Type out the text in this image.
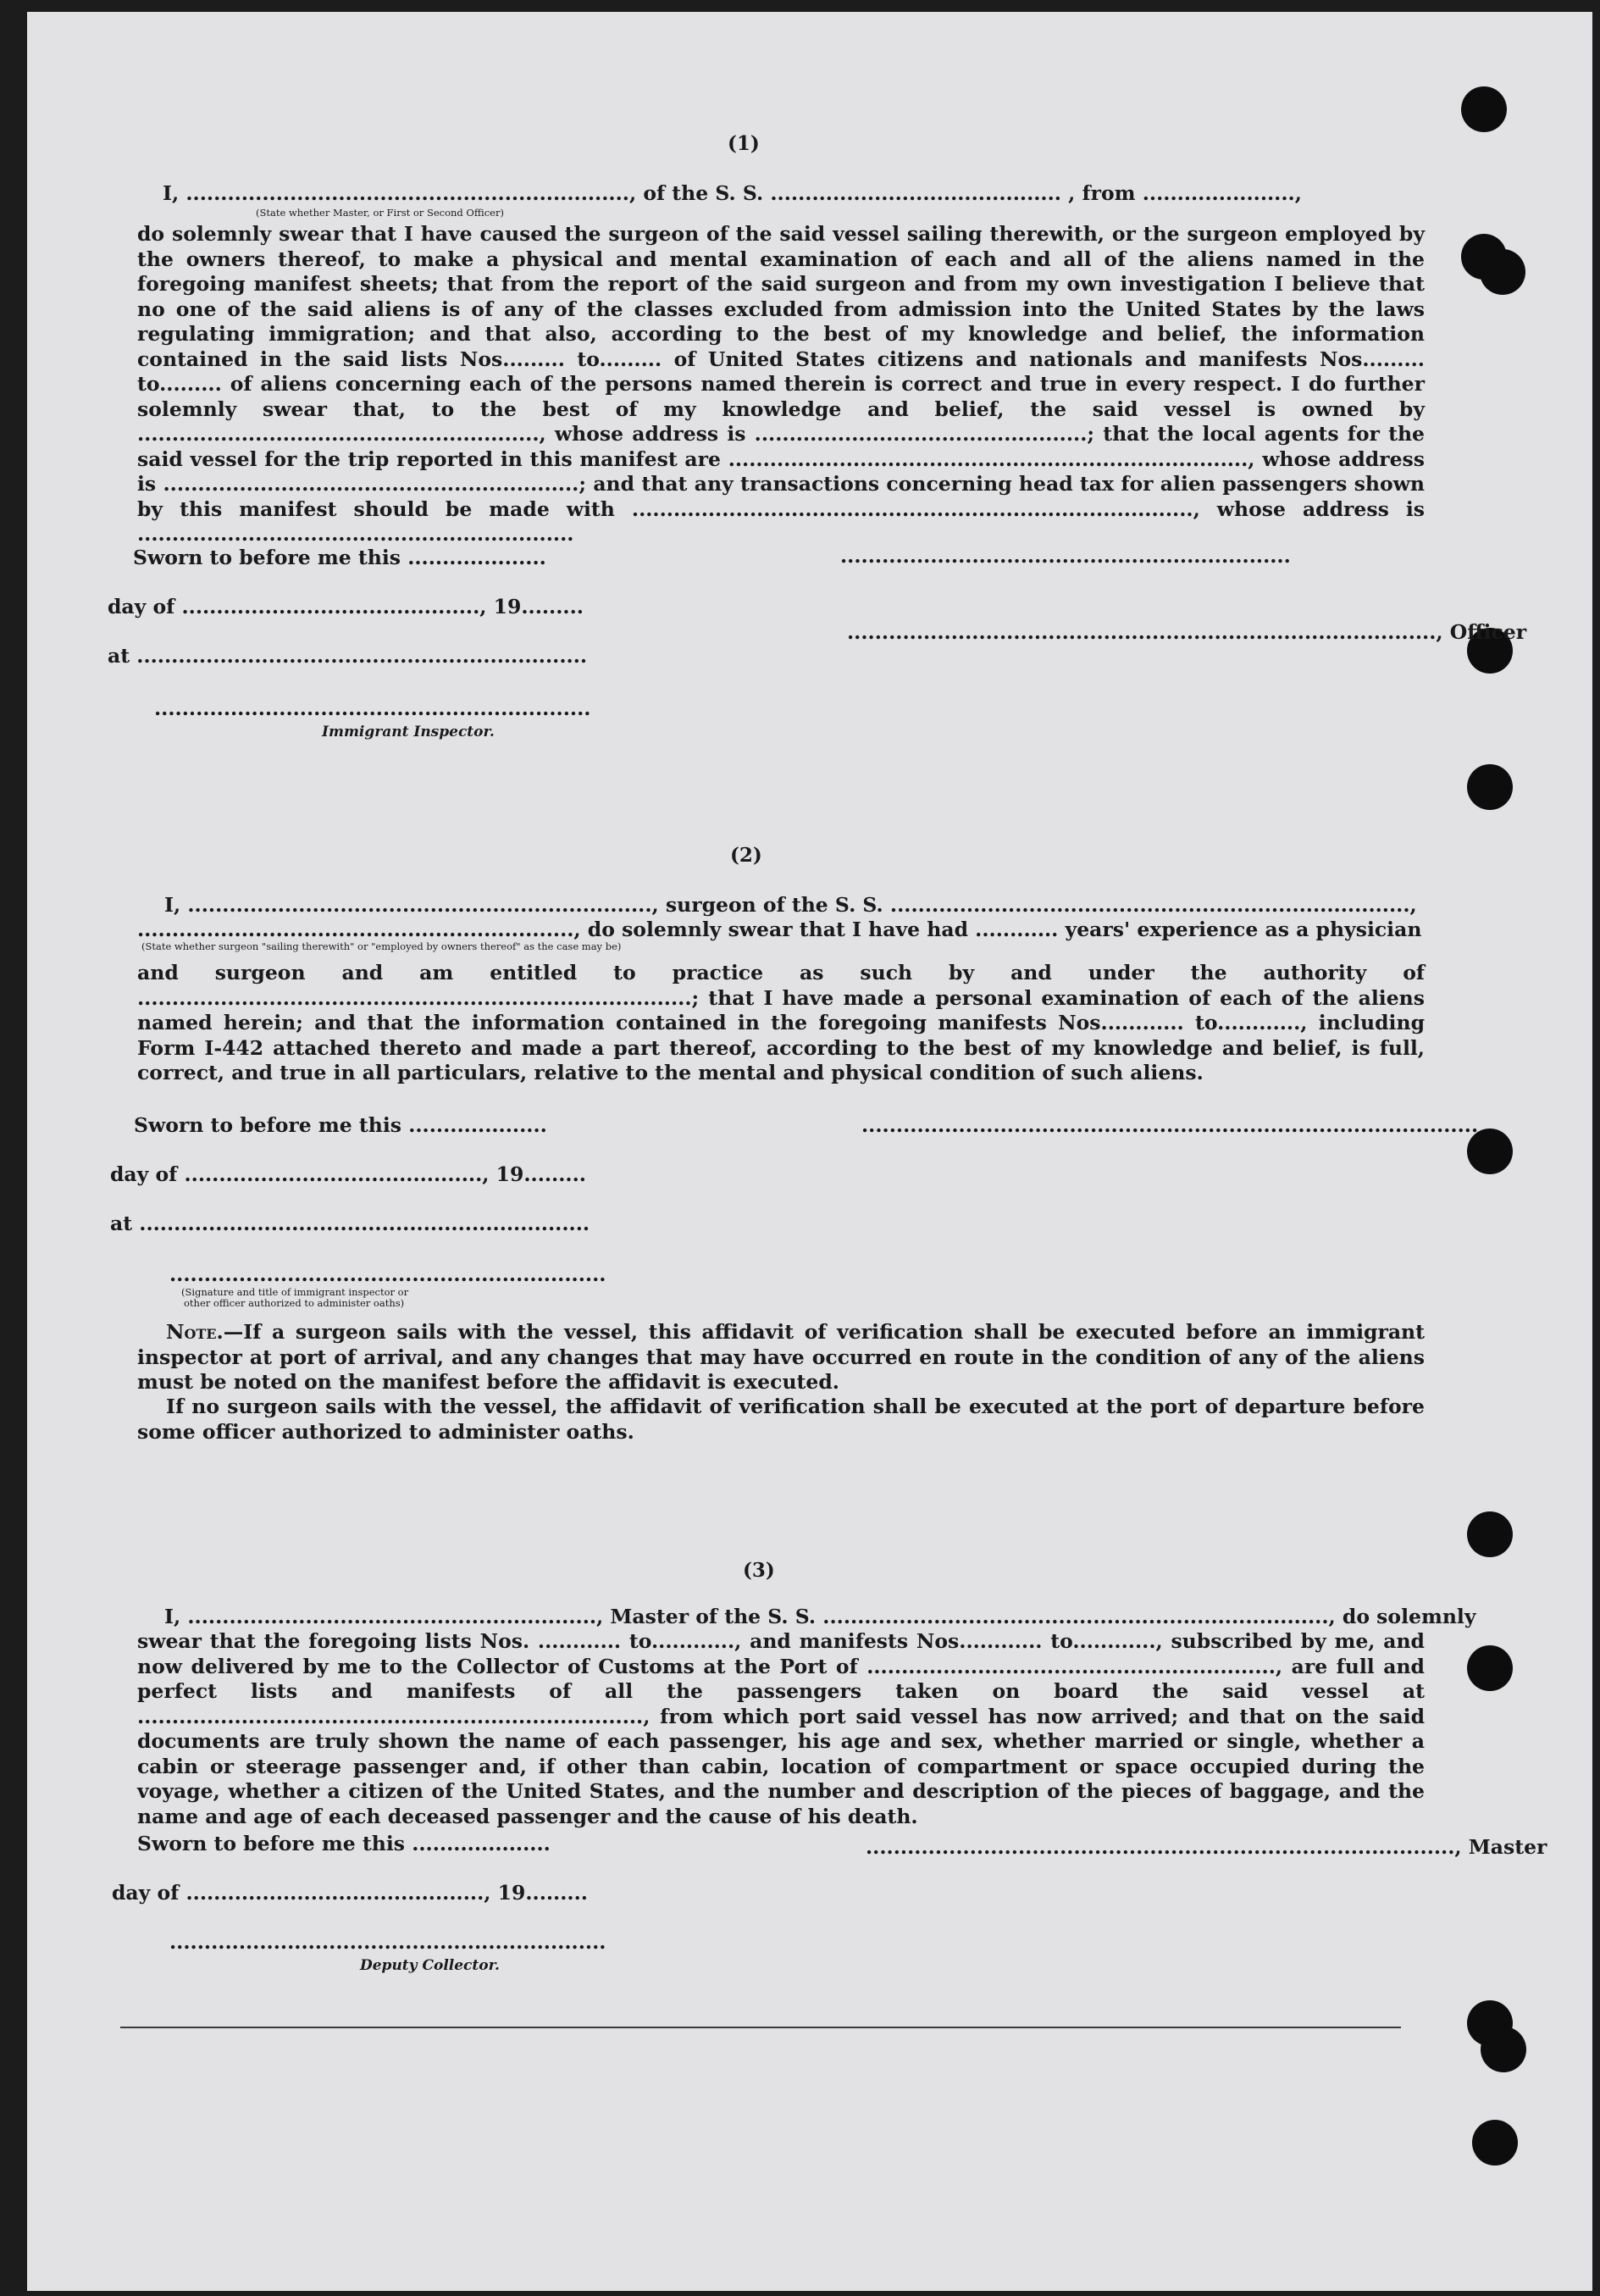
(1)
I, ................................................................, of the S. S. .......................................... , from ......................,
(State whether Master, or First or Second Officer)
do solemnly swear that I have caused the surgeon of the said vessel sailing therewith, or the surgeon employed by the owners thereof, to make a physical and mental examination of each and all of the aliens named in the foregoing manifest sheets; that from the report of the said surgeon and from my own investigation I believe that no one of the said aliens is of any of the classes excluded from admission into the United States by the laws regulating immigration; and that also, according to the best of my knowledge and belief, the information contained in the said lists Nos......... to......... of United States citizens and nationals and manifests Nos......... to......... of aliens concerning each of the persons named therein is correct and true in every respect. I do further solemnly swear that, to the best of my knowledge and belief, the said vessel is owned by .........................................................., whose address is ................................................; that the local agents for the said vessel for the trip reported in this manifest are ..........................................................................., whose address is ............................................................; and that any transactions concerning head tax for alien passengers shown by this manifest should be made with ................................................................................., whose address is ...............................................................
Sworn to before me this ....................	.................................................................
day of ..........................................., 19.........
....................................................................................., Officer
at .................................................................
...............................................................
Immigrant Inspector.
(2)
I, ..................................................................., surgeon of the S. S. ...........................................................................,
..............................................................., do solemnly swear that I have had ............ years' experience as a physician
(State whether surgeon "sailing therewith" or "employed by owners thereof" as the case may be)
and surgeon and am entitled to practice as such by and under the authority of ................................................................................; that I have made a personal examination of each of the aliens named herein; and that the information contained in the foregoing manifests Nos............ to............, including Form I-442 attached thereto and made a part thereof, according to the best of my knowledge and belief, is full, correct, and true in all particulars, relative to the mental and physical condition of such aliens.
Sworn to before me this ....................	.........................................................................................
day of ..........................................., 19.........
at .................................................................
...............................................................
(Signature and title of immigrant inspector or
other officer authorized to administer oaths)
Note.—If a surgeon sails with the vessel, this affidavit of verification shall be executed before an immigrant inspector at port of arrival, and any changes that may have occurred en route in the condition of any of the aliens must be noted on the manifest before the affidavit is executed.
If no surgeon sails with the vessel, the affidavit of verification shall be executed at the port of departure before some officer authorized to administer oaths.
(3)
I, ..........................................................., Master of the S. S. ........................................................................., do solemnly
swear that the foregoing lists Nos. ............ to............, and manifests Nos............ to............, subscribed by me, and now delivered by me to the Collector of Customs at the Port of ..........................................................., are full and perfect lists and manifests of all the passengers taken on board the said vessel at ........................................................................., from which port said vessel has now arrived; and that on the said documents are truly shown the name of each passenger, his age and sex, whether married or single, whether a cabin or steerage passenger and, if other than cabin, location of compartment or space occupied during the voyage, whether a citizen of the United States, and the number and description of the pieces of baggage, and the name and age of each deceased passenger and the cause of his death.
Sworn to before me this ....................	....................................................................................., Master
day of ..........................................., 19.........
...............................................................
Deputy Collector.
